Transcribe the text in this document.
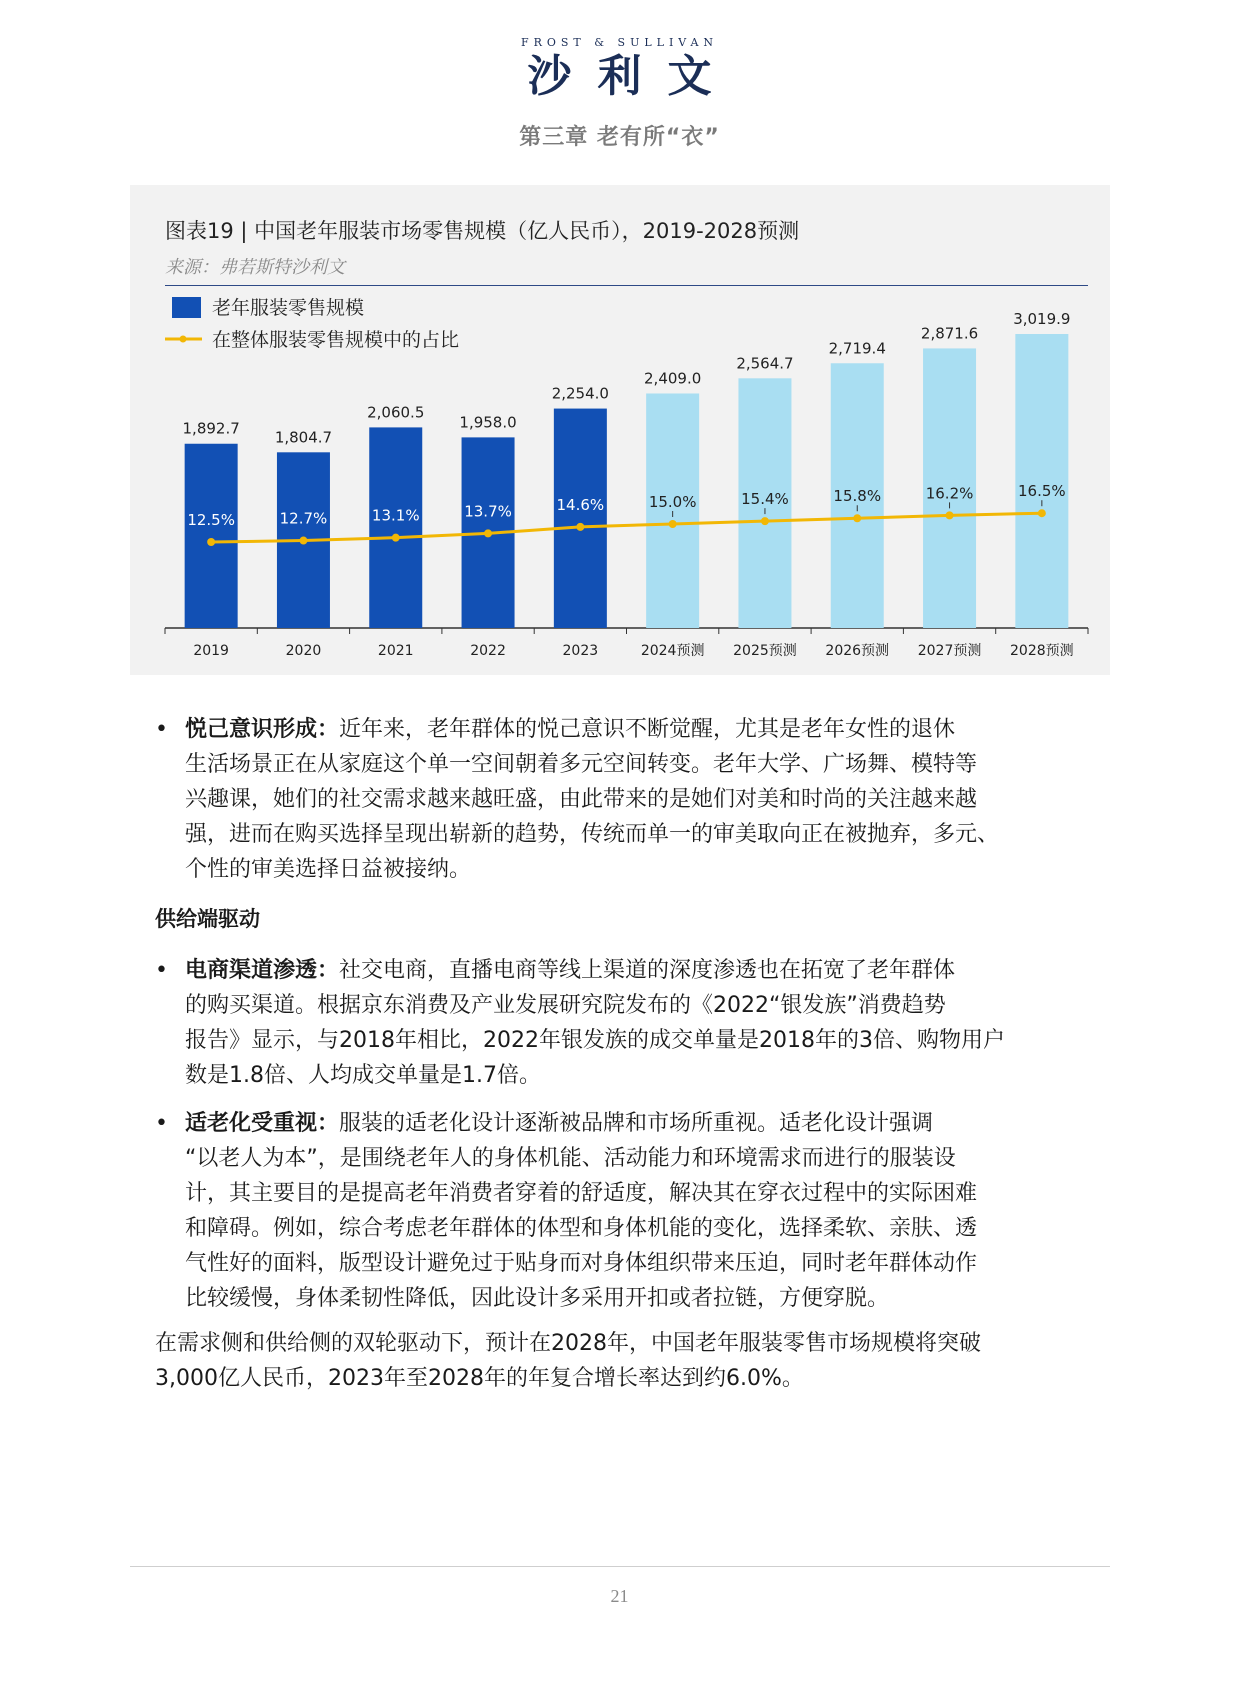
FROST & SULLIVAN
沙利文
第三章 老有所“衣”
图表19 | 中国老年服装市场零售规模（亿人民币），2019-2028预测
来源：弗若斯特沙利文
老年服装零售规模
在整体服装零售规模中的占比
1,892.7
2019
1,804.7
2020
2,060.5
2021
1,958.0
2022
2,254.0
2023
2,409.0
2024预测
2,564.7
2025预测
2,719.4
2026预测
2,871.6
2027预测
3,019.9
2028预测
12.5%	12.7%	13.1%	13.7%	14.6%	15.0%	15.4%	15.8%	16.2%	16.5%
• 悦己意识形成：近年来，老年群体的悦己意识不断觉醒，尤其是老年女性的退休
生活场景正在从家庭这个单一空间朝着多元空间转变。老年大学、广场舞、模特等
兴趣课，她们的社交需求越来越旺盛，由此带来的是她们对美和时尚的关注越来越
强，进而在购买选择呈现出崭新的趋势，传统而单一的审美取向正在被抛弃，多元、
个性的审美选择日益被接纳。
供给端驱动
• 电商渠道渗透：社交电商，直播电商等线上渠道的深度渗透也在拓宽了老年群体
的购买渠道。根据京东消费及产业发展研究院发布的《2022“银发族”消费趋势
报告》显示，与2018年相比，2022年银发族的成交单量是2018年的3倍、购物用户
数是1.8倍、人均成交单量是1.7倍。
• 适老化受重视：服装的适老化设计逐渐被品牌和市场所重视。适老化设计强调
“以老人为本”，是围绕老年人的身体机能、活动能力和环境需求而进行的服装设
计，其主要目的是提高老年消费者穿着的舒适度，解决其在穿衣过程中的实际困难
和障碍。例如，综合考虑老年群体的体型和身体机能的变化，选择柔软、亲肤、透
气性好的面料，版型设计避免过于贴身而对身体组织带来压迫，同时老年群体动作
比较缓慢，身体柔韧性降低，因此设计多采用开扣或者拉链，方便穿脱。
在需求侧和供给侧的双轮驱动下，预计在2028年，中国老年服装零售市场规模将突破
3,000亿人民币，2023年至2028年的年复合增长率达到约6.0%。
21
